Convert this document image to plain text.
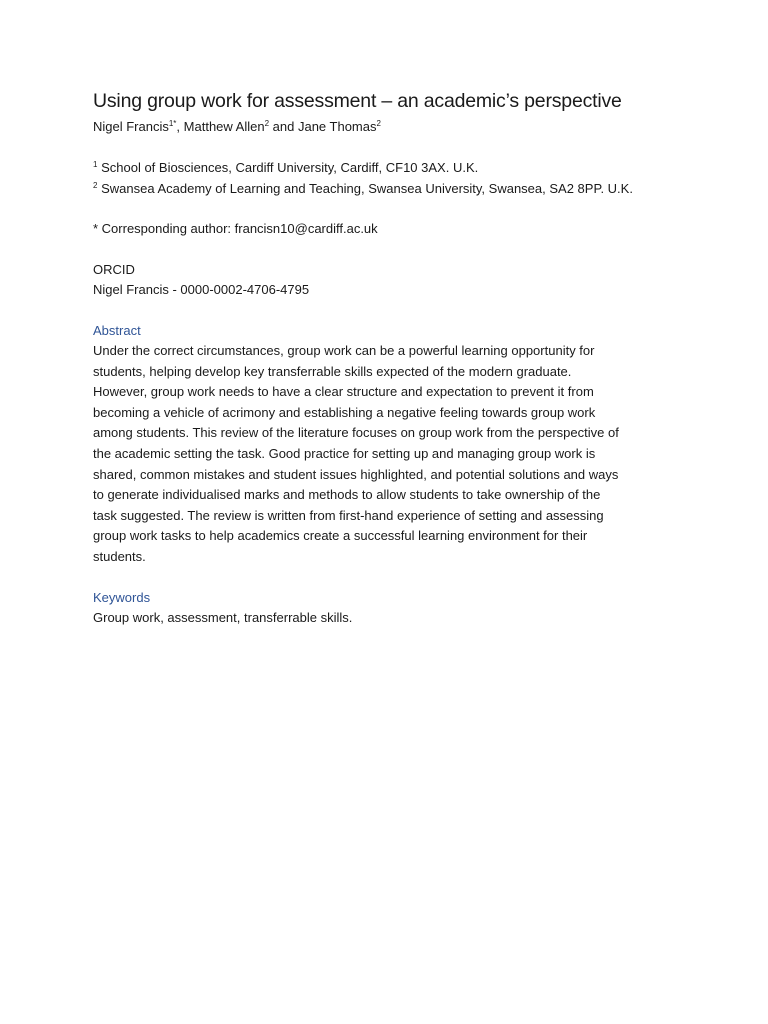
Using group work for assessment – an academic’s perspective

Nigel Francis$^{1*}$, Matthew Allen$^2$ and Jane Thomas$^2$

$^1$ School of Biosciences, Cardiff University, Cardiff, CF10 3AX. U.K.

$^2$ Swansea Academy of Learning and Teaching, Swansea University, Swansea, SA2 8PP. U.K.

* Corresponding author: francisn10@cardiff.ac.uk

ORCID

Nigel Francis - 0000-0002-4706-4795

Abstract

Under the correct circumstances, group work can be a powerful learning opportunity for
students, helping develop key transferrable skills expected of the modern graduate.
However, group work needs to have a clear structure and expectation to prevent it from
becoming a vehicle of acrimony and establishing a negative feeling towards group work
among students. This review of the literature focuses on group work from the perspective of
the academic setting the task. Good practice for setting up and managing group work is
shared, common mistakes and student issues highlighted, and potential solutions and ways
to generate individualised marks and methods to allow students to take ownership of the
task suggested. The review is written from first-hand experience of setting and assessing
group work tasks to help academics create a successful learning environment for their
students.

Keywords

Group work, assessment, transferrable skills.
